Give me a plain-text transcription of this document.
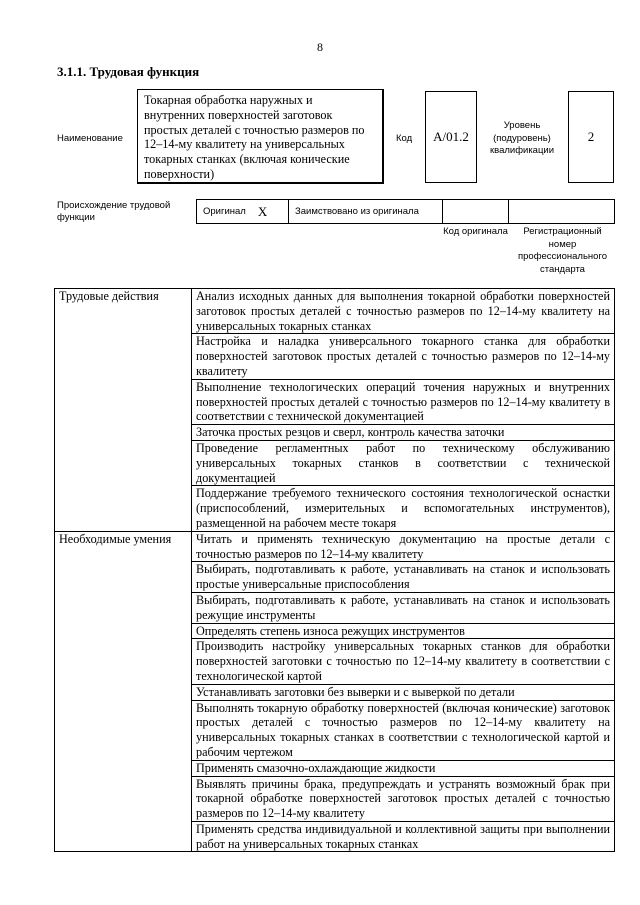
8
3.1.1. Трудовая функция
Наименование
Токарная обработка наружных и внутренних поверхностей заготовок простых деталей с точностью размеров по 12–14-му квалитету на универсальных токарных станках (включая конические поверхности)
Код	А/01.2
Уровень (подуровень) квалификации
2
Происхождение трудовой функции	Оригинал X	Заимствовано из оригинала
Код оригинала	Регистрационный номер профессионального стандарта
Трудовые действия	Анализ исходных данных для выполнения токарной обработки поверхностей заготовок простых деталей с точностью размеров по 12–14-му квалитету на универсальных токарных станках
	Настройка и наладка универсального токарного станка для обработки поверхностей заготовок простых деталей с точностью размеров по 12–14-му квалитету
	Выполнение технологических операций точения наружных и внутренних поверхностей простых деталей с точностью размеров по 12–14-му квалитету в соответствии с технической документацией
	Заточка простых резцов и сверл, контроль качества заточки
	Проведение регламентных работ по техническому обслуживанию универсальных токарных станков в соответствии с технической документацией
	Поддержание требуемого технического состояния технологической оснастки (приспособлений, измерительных и вспомогательных инструментов), размещенной на рабочем месте токаря
Необходимые умения	Читать и применять техническую документацию на простые детали с точностью размеров по 12–14-му квалитету
	Выбирать, подготавливать к работе, устанавливать на станок и использовать простые универсальные приспособления
	Выбирать, подготавливать к работе, устанавливать на станок и использовать режущие инструменты
	Определять степень износа режущих инструментов
	Производить настройку универсальных токарных станков для обработки поверхностей заготовки с точностью по 12–14-му квалитету в соответствии с технологической картой
	Устанавливать заготовки без выверки и с выверкой по детали
	Выполнять токарную обработку поверхностей (включая конические) заготовок простых деталей с точностью размеров по 12–14-му квалитету на универсальных токарных станках в соответствии с технологической картой и рабочим чертежом
	Применять смазочно-охлаждающие жидкости
	Выявлять причины брака, предупреждать и устранять возможный брак при токарной обработке поверхностей заготовок простых деталей с точностью размеров по 12–14-му квалитету
	Применять средства индивидуальной и коллективной защиты при выполнении работ на универсальных токарных станках
